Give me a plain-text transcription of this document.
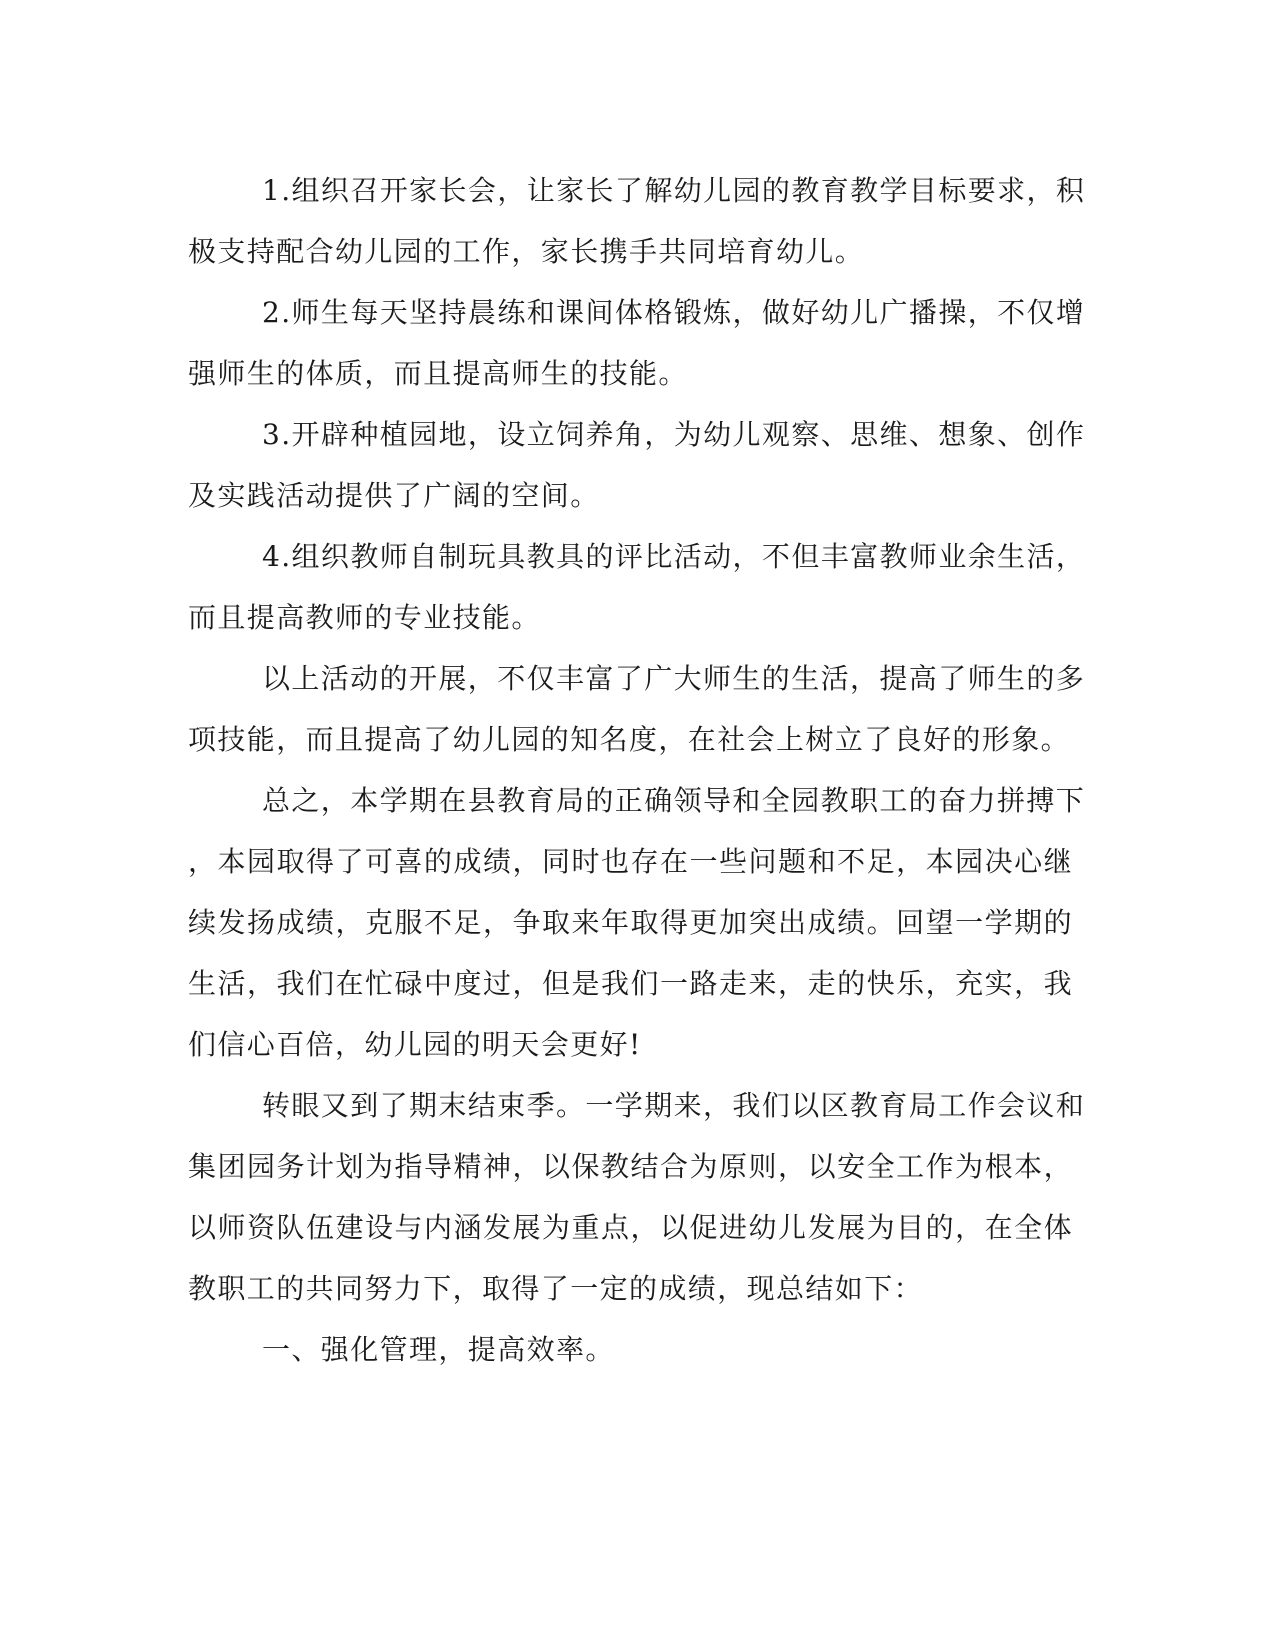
1.组织召开家长会，让家长了解幼儿园的教育教学目标要求，积
极支持配合幼儿园的工作，家长携手共同培育幼儿。

2.师生每天坚持晨练和课间体格锻炼，做好幼儿广播操，不仅增
强师生的体质，而且提高师生的技能。

3.开辟种植园地，设立饲养角，为幼儿观察、思维、想象、创作
及实践活动提供了广阔的空间。

4.组织教师自制玩具教具的评比活动，不但丰富教师业余生活，
而且提高教师的专业技能。

以上活动的开展，不仅丰富了广大师生的生活，提高了师生的多
项技能，而且提高了幼儿园的知名度，在社会上树立了良好的形象。

总之，本学期在县教育局的正确领导和全园教职工的奋力拼搏下
，本园取得了可喜的成绩，同时也存在一些问题和不足，本园决心继
续发扬成绩，克服不足，争取来年取得更加突出成绩。回望一学期的
生活，我们在忙碌中度过，但是我们一路走来，走的快乐，充实，我
们信心百倍，幼儿园的明天会更好!

转眼又到了期末结束季。一学期来，我们以区教育局工作会议和
集团园务计划为指导精神，以保教结合为原则，以安全工作为根本，
以师资队伍建设与内涵发展为重点，以促进幼儿发展为目的，在全体
教职工的共同努力下，取得了一定的成绩，现总结如下：

一、强化管理，提高效率。
